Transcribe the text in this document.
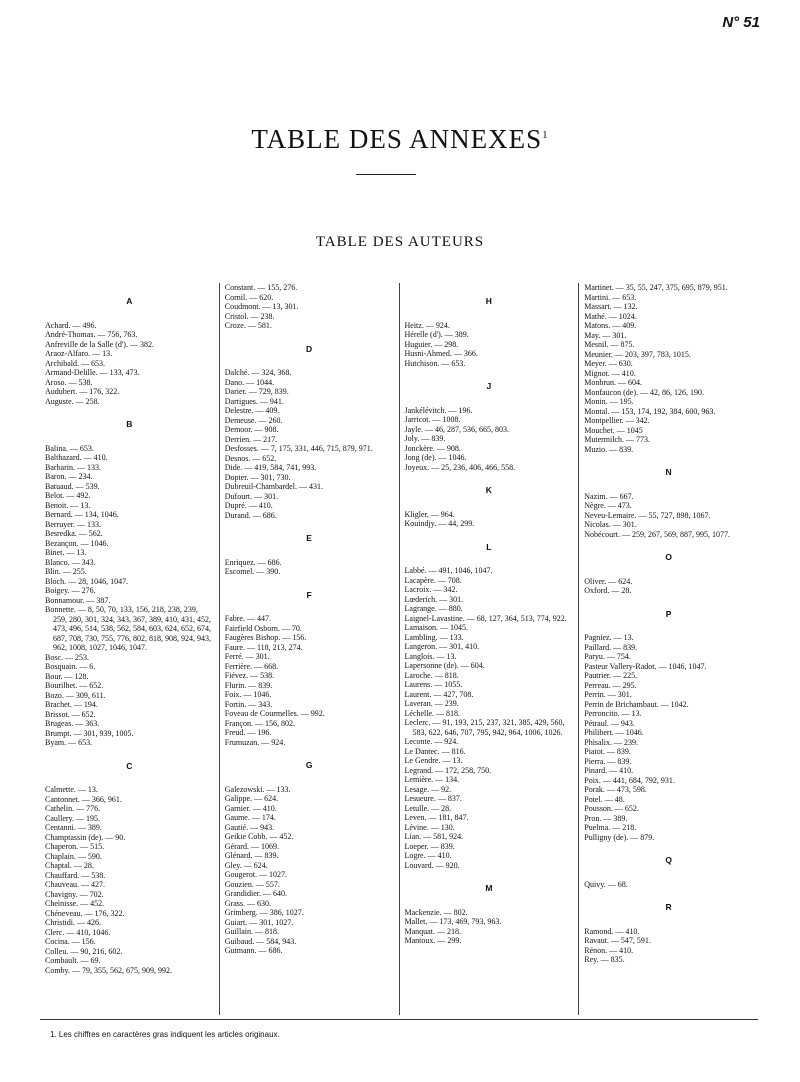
N° 51
TABLE DES ANNEXES$^1$
TABLE DES AUTEURS
A
Achard. — 496.
André-Thomas. — 756, 763.
Anfreville de la Salle (d'). — 382.
Araoz-Alfaro. — 13.
Archibald. — 653.
Armand-Delille. — 133, 473.
Aroso. — 538.
Audubert. — 176, 322.
Auguste. — 258.
B
Balina. — 653.
Balthazard. — 410.
Barbarin. — 133.
Baron. — 234.
Batuaud. — 539.
Belot. — 492.
Benoit. — 13.
Bernard. — 134, 1046.
Berruyer. — 133.
Besredka. — 562.
Bezançon. — 1046.
Binet. — 13.
Blanco. — 343.
Blin. — 255.
Bloch. — 28, 1046, 1047.
Boigey. — 276.
Bonnamour. — 387.
Bonnette. — 8, 50, 70, 133, 156, 218, 238, 239, 259, 280, 301, 324, 343, 367, 389, 410, 431, 452, 473, 496, 514, 538, 562, 584, 603, 624, 652, 674, 687, 708, 730, 755, 776, 802, 818, 908, 924, 943, 962, 1008, 1027, 1046, 1047.
Bosc. — 253.
Bosquain. — 6.
Bour. — 128.
Bourilhet. — 652.
Bozo. — 309, 611.
Brachet. — 194.
Brissot. — 652.
Brugeas. — 363.
Brumpt. — 301, 939, 1005.
Byam. — 653.
C
Calmette. — 13.
Cantonnet. — 366, 961.
Cathelin. — 776.
Caullery. — 195.
Centanni. — 389.
Champtassin (de). — 90.
Chaperon. — 515.
Chaplain. — 590.
Chaptal. — 28.
Chauffard. — 538.
Chauveau. — 427.
Chavigny. — 702.
Cheinisse. — 452.
Chéneveau. — 176, 322.
Christidi. — 426.
Clerc. — 410, 1046.
Cocina. — 156.
Colleu. — 90, 216, 602.
Combault. — 69.
Comby. — 79, 355, 562, 675, 909, 992.
Constant. — 155, 276.
Cornil. — 620.
Coudmont. — 13, 301.
Cristol. — 238.
Croze. — 581.
D
Dalché. — 324, 368.
Dano. — 1044.
Darier. — 729, 839.
Dartigues. — 941.
Delestre. — 409.
Demeuse. — 260.
Demoor. — 908.
Derrien. — 217.
Desfosses. — 7, 175, 331, 446, 715, 879, 971.
Desnos. — 652.
Dide. — 419, 584, 741, 993.
Dopter. — 301, 730.
Dubreuil-Chambardel. — 431.
Dufourt. — 301.
Dupré. — 410.
Durand. — 686.
E
Enriquez. — 686.
Escomel. — 390.
F
Fabre. — 447.
Fairfield Osborn. — 70.
Faugères Bishop. — 156.
Faure. — 118, 213, 274.
Ferré. — 301.
Ferrière. — 668.
Fiévez. — 538.
Flurin. — 839.
Foix. — 1046.
Fortin. — 343.
Foveau de Courmelles. — 992.
Françon. — 156, 802.
Freud. — 196.
Frumuzan. — 924.
G
Galezowski. — 133.
Galippe. — 624.
Garnier. — 410.
Gaume. — 174.
Gautié. — 943.
Geikie Cobb. — 452.
Gérard. — 1069.
Glénard. — 839.
Gley. — 624.
Gougerot. — 1027.
Gouzien. — 557.
Grandidier. — 640.
Grass. — 630.
Grimberg. — 386, 1027.
Guiart. — 301, 1027.
Guillain. — 818.
Guibaud. — 584, 943.
Gutmann. — 686.
H
Heitz. — 924.
Hérelle (d'). — 389.
Huguier. — 298.
Husni-Ahmed. — 366.
Hutchison. — 653.
J
Jankélévitch. — 196.
Jarricot. — 1008.
Jayle. — 46, 287, 536, 665, 803.
Joly. — 839.
Jonckère. — 908.
Jong (de). — 1046.
Joyeux. — 25, 236, 406, 466, 558.
K
Kligler. — 964.
Kouindjy. — 44, 299.
L
Labbé. — 491, 1046, 1047.
Lacapère. — 708.
Lacroix. — 342.
Lœderich. — 301.
Lagrange. — 880.
Laignel-Lavastine. — 68, 127, 364, 513, 774, 922.
Lamaison. — 1045.
Lambling. — 133.
Langeron. — 301, 410.
Langlois. — 13.
Lapersonne (de). — 604.
Laroche. — 818.
Laurens. — 1055.
Laurent. — 427, 708.
Laveran. — 239.
Léchelle. — 818.
Leclerc. — 91, 193, 215, 237, 321, 385, 429, 560, 583, 622, 646, 707, 795, 942, 964, 1006, 1026.
Leconte. — 924.
Le Dantec. — 816.
Le Gendre. — 13.
Legrand. — 172, 258, 750.
Lemière. — 134.
Lesage. — 92.
Lesueure. — 837.
Letulle. — 28.
Leven. — 181, 847.
Lévine. — 130.
Lian. — 581, 924.
Loeper. — 839.
Logre. — 410.
Louvard. — 920.
M
Mackenzie. — 802.
Mallet. — 173, 469, 793, 963.
Manquat. — 218.
Mantoux. — 299.
Martinet. — 35, 55, 247, 375, 695, 879, 951.
Martini. — 653.
Massart. — 132.
Mathé. — 1024.
Matons. — 409.
May. — 301.
Mesnil. — 875.
Meunier. — 203, 397, 783, 1015.
Meyer. — 630.
Mignot. — 410.
Monbrun. — 604.
Monfaucon (de). — 42, 86, 126, 190.
Monin. — 195.
Montal. — 153, 174, 192, 384, 600, 963.
Montpellier. — 342.
Mouchet. — 1045
Mutermilch. — 773.
Muzio. — 839.
N
Nazim. — 667.
Nègre. — 473.
Neveu-Lemaire. — 55, 727, 898, 1067.
Nicolas. — 301.
Nobécourt. — 259, 267, 569, 887, 995, 1077.
O
Oliver. — 624.
Oxford. — 28.
P
Pagniez. — 13.
Paillard. — 839.
Paryu. — 754.
Pasteur Vallery-Radot. — 1046, 1047.
Pautrier. — 225.
Perreau. — 295.
Perrin. — 301.
Perrin de Brichambaut. — 1042.
Perroncito. — 13.
Pétraul. — 943.
Philibert. — 1046.
Phisalix. — 239.
Piatot. — 839.
Pierra. — 839.
Pinard. — 410.
Poix. — 441, 684, 792, 931.
Porak. — 473, 598.
Potel. — 48.
Pousson. — 652.
Pron. — 389.
Puelma. — 218.
Pulligny (de). — 879.
Q
Quivy. — 68.
R
Ramond. — 410.
Ravaut. — 547, 591.
Rénon. — 410.
Rey. — 835.
1. Les chiffres en caractères gras indiquent les articles originaux.
